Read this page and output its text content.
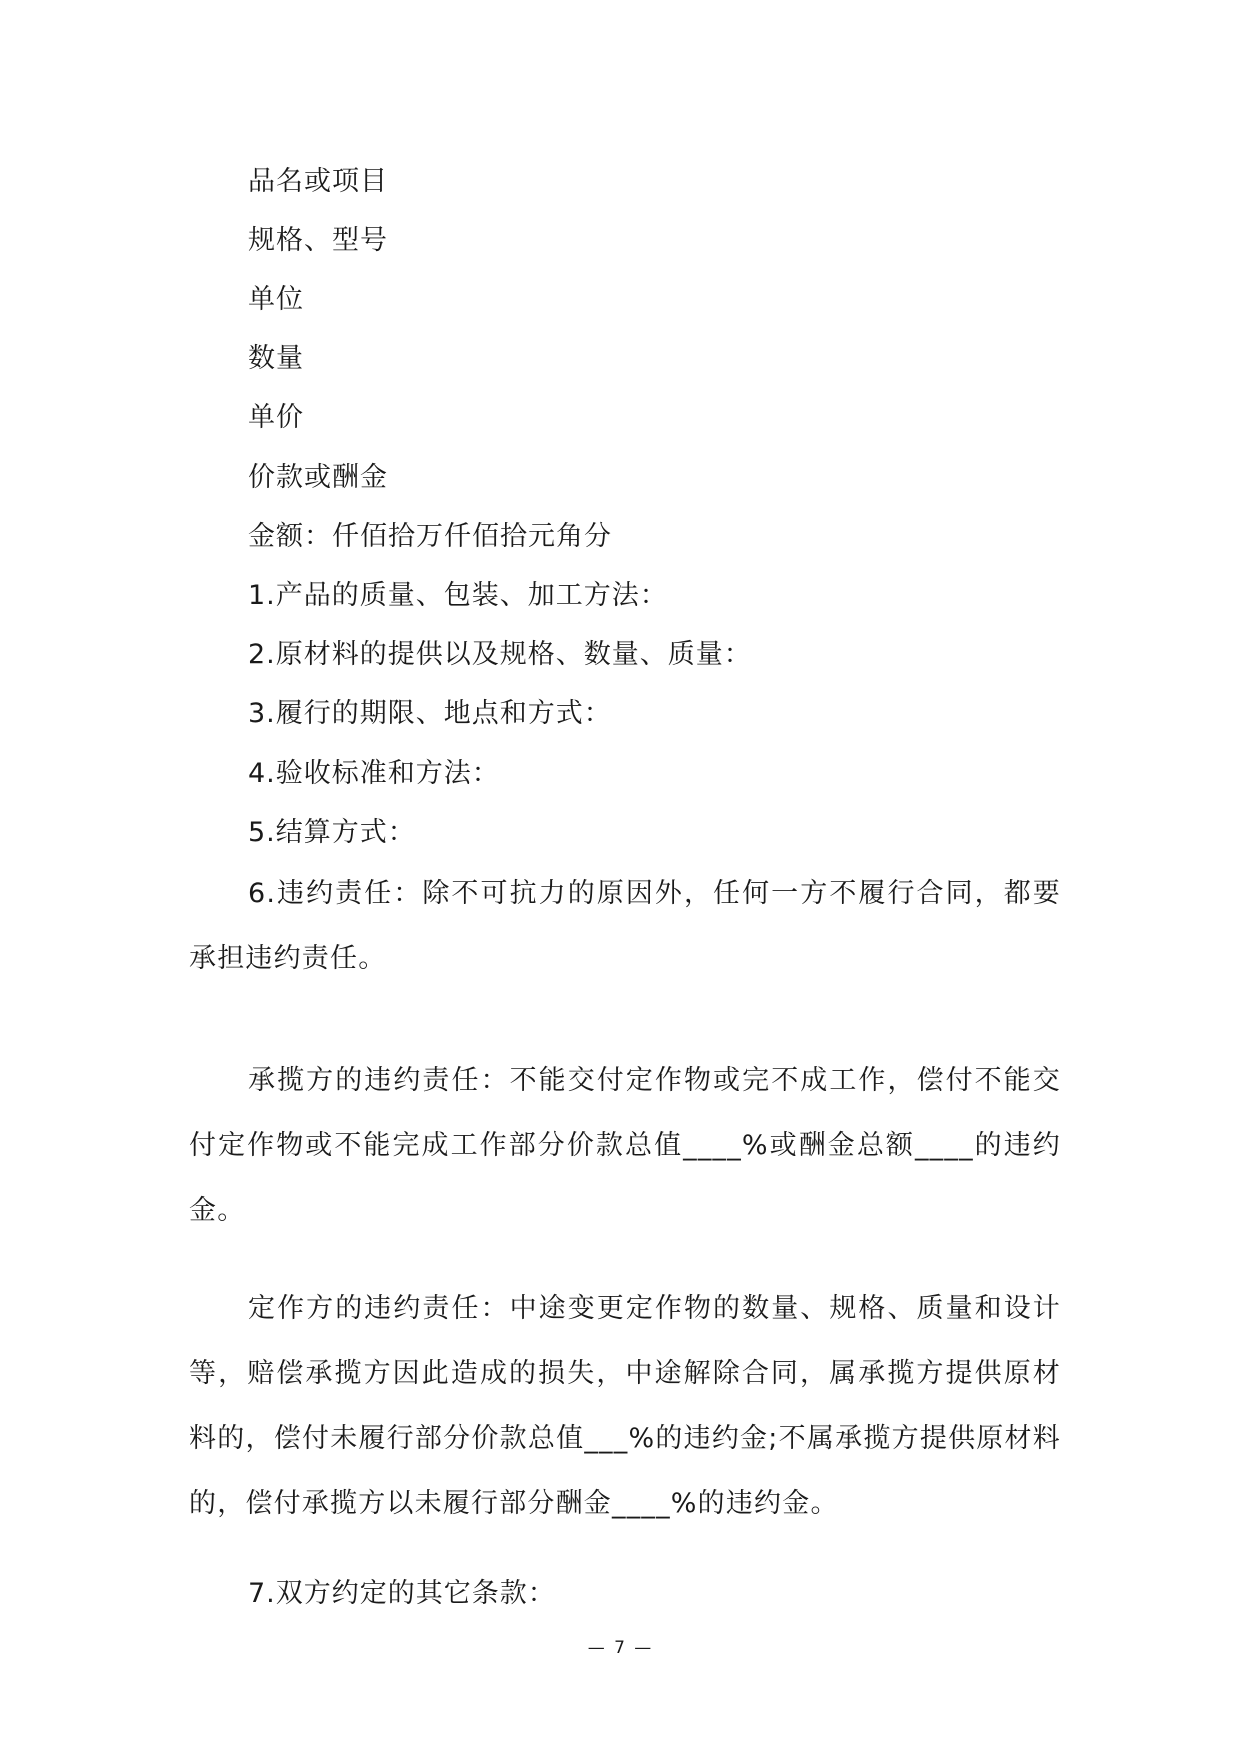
品名或项目
规格、型号
单位
数量
单价
价款或酬金
金额：仟佰拾万仟佰拾元角分
1.产品的质量、包装、加工方法：
2.原材料的提供以及规格、数量、质量：
3.履行的期限、地点和方式：
4.验收标准和方法：
5.结算方式：
6.违约责任：除不可抗力的原因外，任何一方不履行合同，都要承担违约责任。
承揽方的违约责任：不能交付定作物或完不成工作，偿付不能交付定作物或不能完成工作部分价款总值____%或酬金总额____的违约金。
定作方的违约责任：中途变更定作物的数量、规格、质量和设计等，赔偿承揽方因此造成的损失，中途解除合同，属承揽方提供原材料的，偿付未履行部分价款总值___%的违约金;不属承揽方提供原材料的，偿付承揽方以未履行部分酬金____%的违约金。
7.双方约定的其它条款：
— 7 —
